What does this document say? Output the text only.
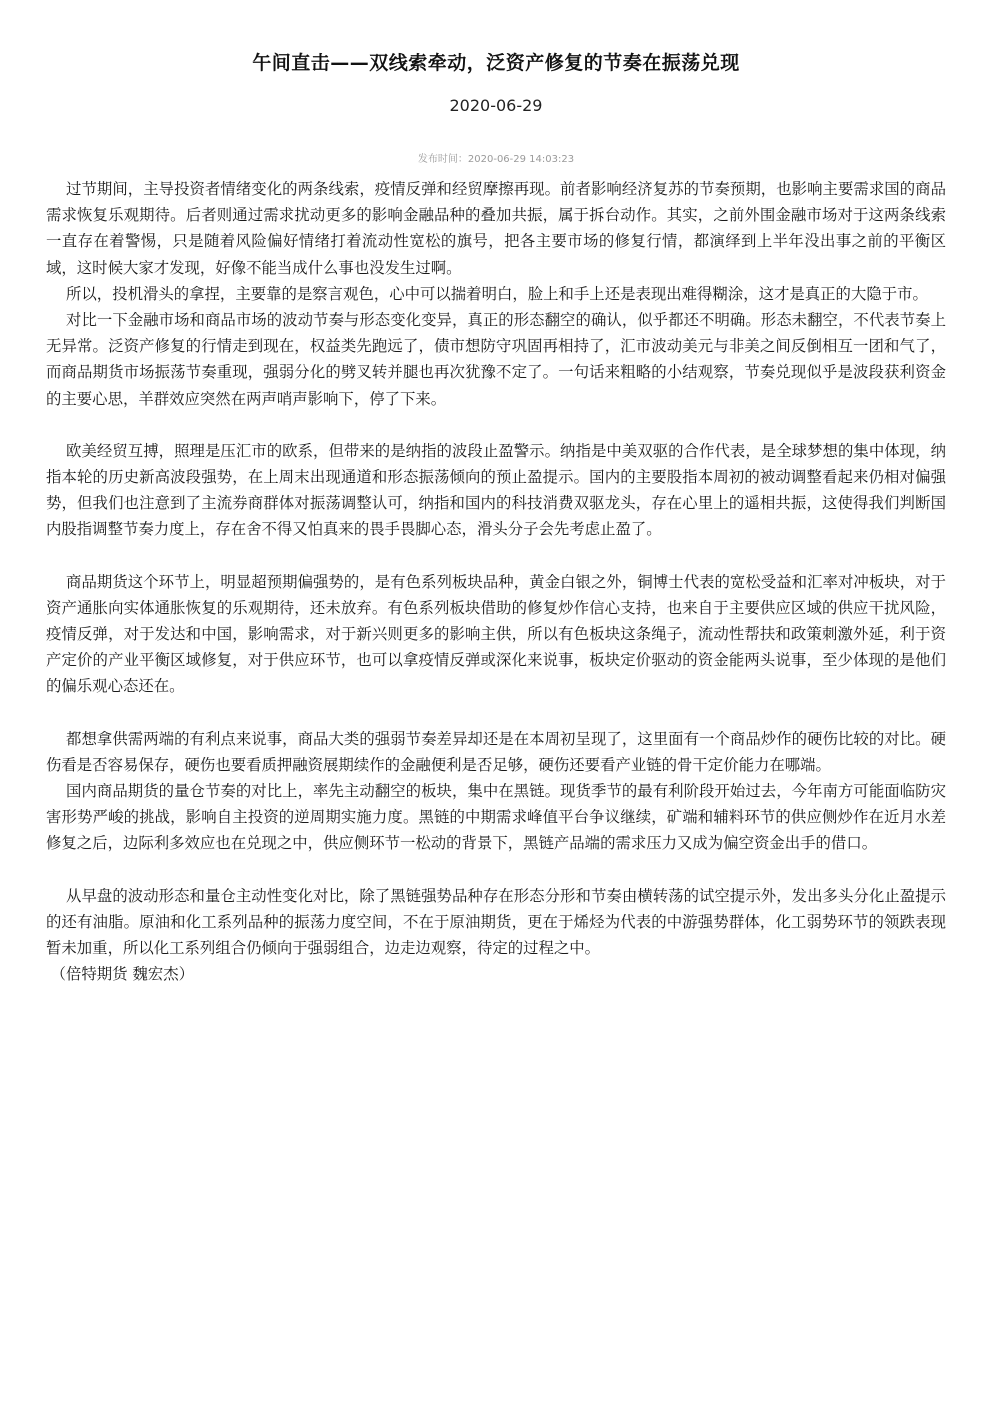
午间直击——双线索牵动，泛资产修复的节奏在振荡兑现
2020-06-29
发布时间：2020-06-29 14:03:23

过节期间，主导投资者情绪变化的两条线索，疫情反弹和经贸摩擦再现。前者影响经济复苏的节奏预期，也影响主要需求国的商品需求恢复乐观期待。后者则通过需求扰动更多的影响金融品种的叠加共振，属于拆台动作。其实，之前外围金融市场对于这两条线索一直存在着警惕，只是随着风险偏好情绪打着流动性宽松的旗号，把各主要市场的修复行情，都演绎到上半年没出事之前的平衡区域，这时候大家才发现，好像不能当成什么事也没发生过啊。

所以，投机滑头的拿捏，主要靠的是察言观色，心中可以揣着明白，脸上和手上还是表现出难得糊涂，这才是真正的大隐于市。

对比一下金融市场和商品市场的波动节奏与形态变化变异，真正的形态翻空的确认，似乎都还不明确。形态未翻空，不代表节奏上无异常。泛资产修复的行情走到现在，权益类先跑远了，债市想防守巩固再相持了，汇市波动美元与非美之间反倒相互一团和气了，而商品期货市场振荡节奏重现，强弱分化的劈叉转并腿也再次犹豫不定了。一句话来粗略的小结观察，节奏兑现似乎是波段获利资金的主要心思，羊群效应突然在两声哨声影响下，停了下来。

欧美经贸互搏，照理是压汇市的欧系，但带来的是纳指的波段止盈警示。纳指是中美双驱的合作代表，是全球梦想的集中体现，纳指本轮的历史新高波段强势，在上周末出现通道和形态振荡倾向的预止盈提示。国内的主要股指本周初的被动调整看起来仍相对偏强势，但我们也注意到了主流券商群体对振荡调整认可，纳指和国内的科技消费双驱龙头，存在心里上的遥相共振，这使得我们判断国内股指调整节奏力度上，存在舍不得又怕真来的畏手畏脚心态，滑头分子会先考虑止盈了。

商品期货这个环节上，明显超预期偏强势的，是有色系列板块品种，黄金白银之外，铜博士代表的宽松受益和汇率对冲板块，对于资产通胀向实体通胀恢复的乐观期待，还未放弃。有色系列板块借助的修复炒作信心支持，也来自于主要供应区域的供应干扰风险，疫情反弹，对于发达和中国，影响需求，对于新兴则更多的影响主供，所以有色板块这条绳子，流动性帮扶和政策刺激外延，利于资产定价的产业平衡区域修复，对于供应环节，也可以拿疫情反弹或深化来说事，板块定价驱动的资金能两头说事，至少体现的是他们的偏乐观心态还在。

都想拿供需两端的有利点来说事，商品大类的强弱节奏差异却还是在本周初呈现了，这里面有一个商品炒作的硬伤比较的对比。硬伤看是否容易保存，硬伤也要看质押融资展期续作的金融便利是否足够，硬伤还要看产业链的骨干定价能力在哪端。

国内商品期货的量仓节奏的对比上，率先主动翻空的板块，集中在黑链。现货季节的最有利阶段开始过去，今年南方可能面临防灾害形势严峻的挑战，影响自主投资的逆周期实施力度。黑链的中期需求峰值平台争议继续，矿端和辅料环节的供应侧炒作在近月水差修复之后，边际利多效应也在兑现之中，供应侧环节一松动的背景下，黑链产品端的需求压力又成为偏空资金出手的借口。

从早盘的波动形态和量仓主动性变化对比，除了黑链强势品种存在形态分形和节奏由横转荡的试空提示外，发出多头分化止盈提示的还有油脂。原油和化工系列品种的振荡力度空间，不在于原油期货，更在于烯烃为代表的中游强势群体，化工弱势环节的领跌表现暂未加重，所以化工系列组合仍倾向于强弱组合，边走边观察，待定的过程之中。

（倍特期货 魏宏杰）
